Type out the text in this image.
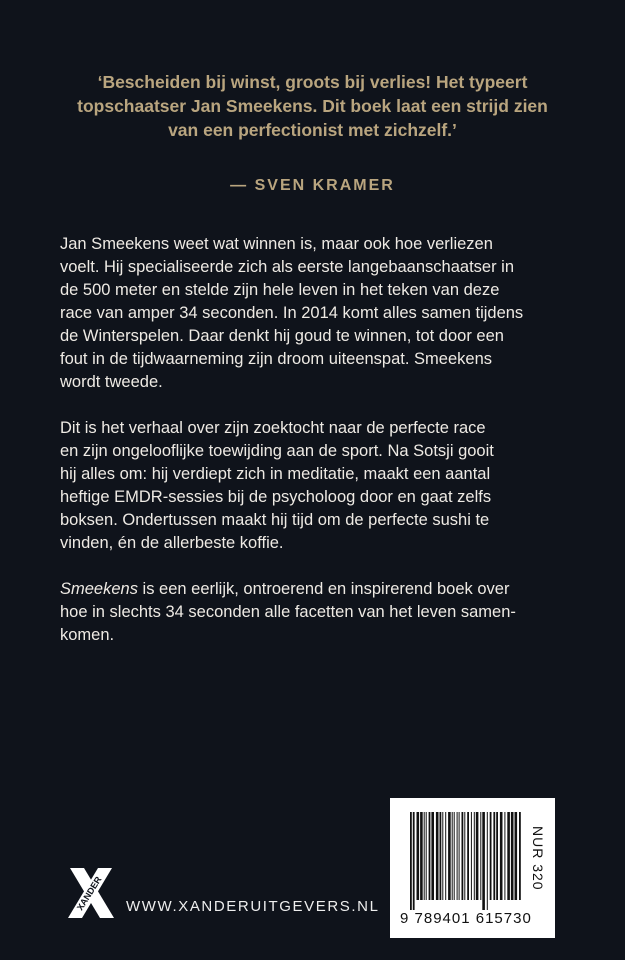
‘Bescheiden bij winst, groots bij verlies! Het typeert
topschaatser Jan Smeekens. Dit boek laat een strijd zien
van een perfectionist met zichzelf.’
— SVEN KRAMER
Jan Smeekens weet wat winnen is, maar ook hoe verliezen
voelt. Hij specialiseerde zich als eerste langebaanschaatser in
de 500 meter en stelde zijn hele leven in het teken van deze
race van amper 34 seconden. In 2014 komt alles samen tijdens
de Winterspelen. Daar denkt hij goud te winnen, tot door een
fout in de tijdwaarneming zijn droom uiteenspat. Smeekens
wordt tweede.
Dit is het verhaal over zijn zoektocht naar de perfecte race
en zijn ongelooflijke toewijding aan de sport. Na Sotsji gooit
hij alles om: hij verdiept zich in meditatie, maakt een aantal
heftige EMDR-sessies bij de psycholoog door en gaat zelfs
boksen. Ondertussen maakt hij tijd om de perfecte sushi te
vinden, én de allerbeste koffie.
Smeekens is een eerlijk, ontroerend en inspirerend boek over
hoe in slechts 34 seconden alle facetten van het leven samen-
komen.
XANDER WWW.XANDERUITGEVERS.NL
NUR 320
9 789401 615730
